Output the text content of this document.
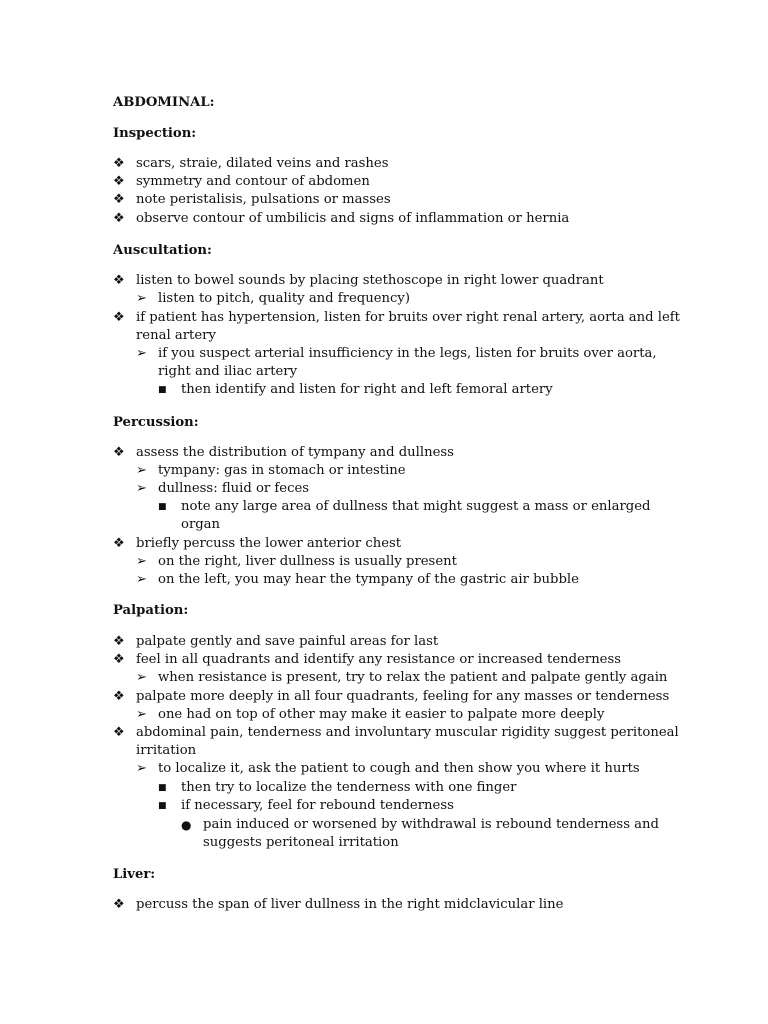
ABDOMINAL:
Inspection:
❖ scars, straie, dilated veins and rashes
❖ symmetry and contour of abdomen
❖ note peristalisis, pulsations or masses
❖ observe contour of umbilicis and signs of inflammation or hernia
Auscultation:
❖ listen to bowel sounds by placing stethoscope in right lower quadrant
➢ listen to pitch, quality and frequency)
❖ if patient has hypertension, listen for bruits over right renal artery, aorta and left
renal artery
➢ if you suspect arterial insufficiency in the legs, listen for bruits over aorta,
right and iliac artery
■	then identify and listen for right and left femoral artery
Percussion:
❖ assess the distribution of tympany and dullness
➢ tympany: gas in stomach or intestine
➢ dullness: fluid or feces
■	note any large area of dullness that might suggest a mass or enlarged
organ
❖ briefly percuss the lower anterior chest
➢ on the right, liver dullness is usually present
➢ on the left, you may hear the tympany of the gastric air bubble
Palpation:
❖ palpate gently and save painful areas for last
❖ feel in all quadrants and identify any resistance or increased tenderness
➢ when resistance is present, try to relax the patient and palpate gently again
❖ palpate more deeply in all four quadrants, feeling for any masses or tenderness
➢ one had on top of other may make it easier to palpate more deeply
❖ abdominal pain, tenderness and involuntary muscular rigidity suggest peritoneal
irritation
➢ to localize it, ask the patient to cough and then show you where it hurts
■	then try to localize the tenderness with one finger
■	if necessary, feel for rebound tenderness
● pain induced or worsened by withdrawal is rebound tenderness and
suggests peritoneal irritation
Liver:
❖ percuss the span of liver dullness in the right midclavicular line
